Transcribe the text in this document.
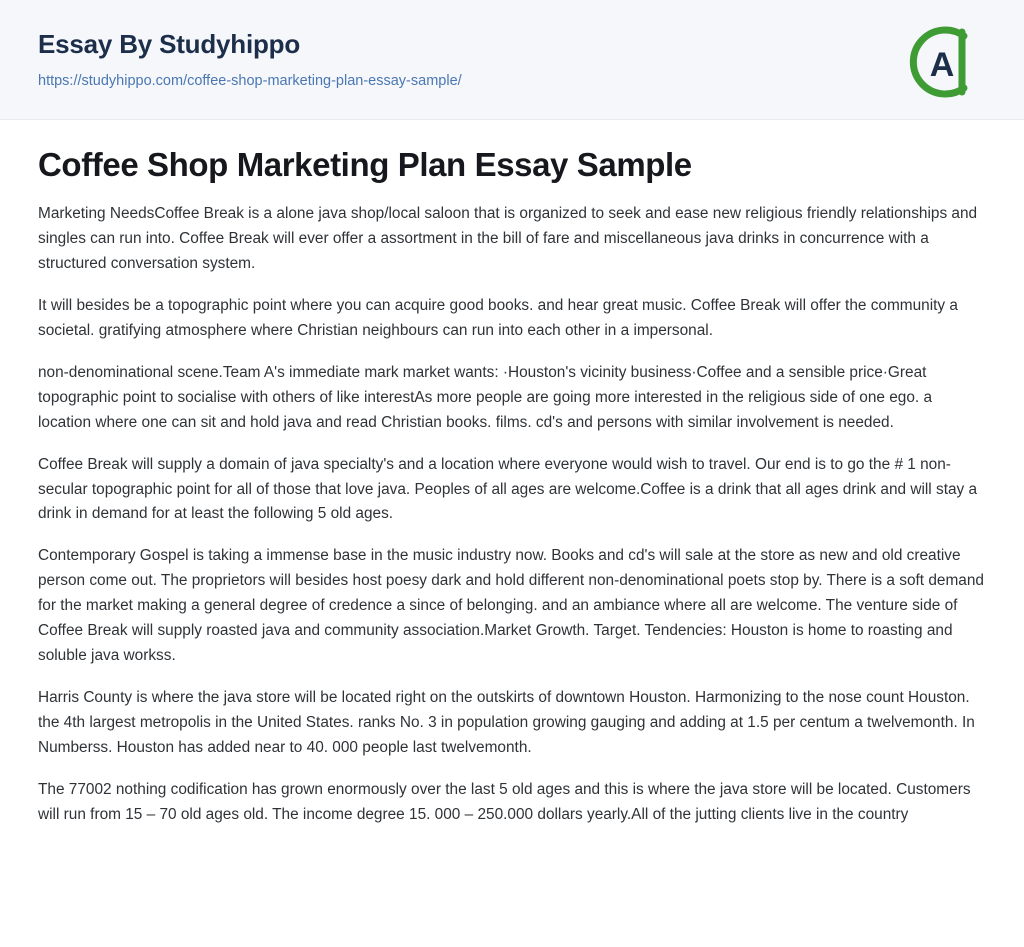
Essay By Studyhippo
https://studyhippo.com/coffee-shop-marketing-plan-essay-sample/	A
Coffee Shop Marketing Plan Essay Sample

Marketing NeedsCoffee Break is a alone java shop/local saloon that is organized to seek and ease new religious friendly relationships and singles can run into. Coffee Break will ever offer a assortment in the bill of fare and miscellaneous java drinks in concurrence with a structured conversation system.

It will besides be a topographic point where you can acquire good books. and hear great music. Coffee Break will offer the community a societal. gratifying atmosphere where Christian neighbours can run into each other in a impersonal.

non-denominational scene.Team A's immediate mark market wants: ·Houston's vicinity business·Coffee and a sensible price·Great topographic point to socialise with others of like interestAs more people are going more interested in the religious side of one ego. a location where one can sit and hold java and read Christian books. films. cd's and persons with similar involvement is needed.

Coffee Break will supply a domain of java specialty's and a location where everyone would wish to travel. Our end is to go the # 1 non-secular topographic point for all of those that love java. Peoples of all ages are welcome.Coffee is a drink that all ages drink and will stay a drink in demand for at least the following 5 old ages.

Contemporary Gospel is taking a immense base in the music industry now. Books and cd's will sale at the store as new and old creative person come out. The proprietors will besides host poesy dark and hold different non-denominational poets stop by. There is a soft demand for the market making a general degree of credence a since of belonging. and an ambiance where all are welcome. The venture side of Coffee Break will supply roasted java and community association.Market Growth. Target. Tendencies: Houston is home to roasting and soluble java workss.

Harris County is where the java store will be located right on the outskirts of downtown Houston. Harmonizing to the nose count Houston. the 4th largest metropolis in the United States. ranks No. 3 in population growing gauging and adding at 1.5 per centum a twelvemonth. In Numberss. Houston has added near to 40. 000 people last twelvemonth.

The 77002 nothing codification has grown enormously over the last 5 old ages and this is where the java store will be located. Customers will run from 15 – 70 old ages old. The income degree 15. 000 – 250.000 dollars yearly.All of the jutting clients live in the country
